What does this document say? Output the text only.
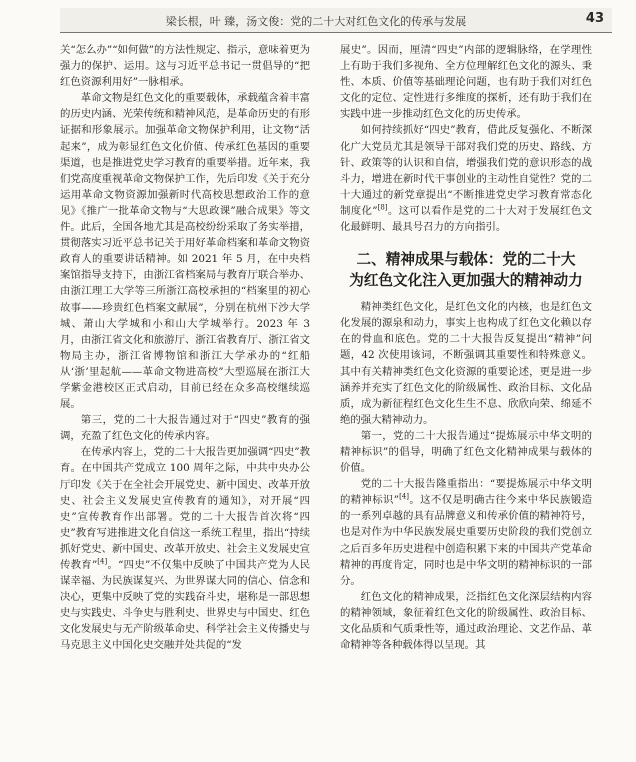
梁长根，叶 臻，汤文俊：党的二十大对红色文化的传承与发展	43

关“怎么办”“如何做”的方法性规定、指示，意味着更为强力的保护、运用。这与习近平总书记一贯倡导的“把红色资源利用好”一脉相承。

革命文物是红色文化的重要载体，承载蕴含着丰富的历史内涵、光荣传统和精神风范，是革命历史的有形证据和形象展示。加强革命文物保护利用，让文物“活起来”，成为彰显红色文化价值、传承红色基因的重要渠道，也是推进党史学习教育的重要举措。近年来，我们党高度重视革命文物保护工作，先后印发《关于充分运用革命文物资源加强新时代高校思想政治工作的意见》《推广一批革命文物与“大思政课”融合成果》等文件。此后，全国各地尤其是高校纷纷采取了务实举措，贯彻落实习近平总书记关于用好革命档案和革命文物资政育人的重要讲话精神。如 2021 年 5 月，在中央档案馆指导支持下，由浙江省档案局与教育厅联合举办、由浙江理工大学等三所浙江高校承担的“档案里的初心故事——珍贵红色档案文献展”，分别在杭州下沙大学城、萧山大学城和小和山大学城举行。2023 年 3 月，由浙江省文化和旅游厅、浙江省教育厅、浙江省文物局主办，浙江省博物馆和浙江大学承办的“红船从‘浙’里起航——革命文物进高校”大型巡展在浙江大学紫金港校区正式启动，目前已经在众多高校继续巡展。

第三，党的二十大报告通过对于“四史”教育的强调，充盈了红色文化的传承内容。

在传承内容上，党的二十大报告更加强调“四史”教育。在中国共产党成立 100 周年之际，中共中央办公厅印发《关于在全社会开展党史、新中国史、改革开放史、社会主义发展史宣传教育的通知》，对开展“四史”宣传教育作出部署。党的二十大报告首次将“四史”教育写进推进文化自信这一系统工程里，指出“持续抓好党史、新中国史、改革开放史、社会主义发展史宣传教育”[4]。“四史”不仅集中反映了中国共产党为人民谋幸福、为民族谋复兴、为世界谋大同的信心、信念和决心，更集中反映了党的实践奋斗史，堪称是一部思想史与实践史、斗争史与胜利史、世界史与中国史、红色文化发展史与无产阶级革命史、科学社会主义传播史与马克思主义中国化史交融并处共促的“发

展史”。因而，厘清“四史”内部的逻辑脉络，在学理性上有助于我们多视角、全方位理解红色文化的源头、秉性、本质、价值等基础理论问题，也有助于我们对红色文化的定位、定性进行多维度的探析，还有助于我们在实践中进一步推动红色文化的历史传承。

如何持续抓好“四史”教育，借此反复强化、不断深化广大党员尤其是领导干部对我们党的历史、路线、方针、政策等的认识和自信，增强我们党的意识形态的战斗力，增进在新时代干事创业的主动性自觉性？党的二十大通过的新党章提出“不断推进党史学习教育常态化制度化”[8]。这可以看作是党的二十大对于发展红色文化最鲜明、最具号召力的方向指引。

二、精神成果与载体：党的二十大
为红色文化注入更加强大的精神动力

精神类红色文化，是红色文化的内核，也是红色文化发展的源泉和动力，事实上也构成了红色文化赖以存在的骨血和底色。党的二十大报告反复提出“精神”问题，42 次使用该词，不断强调其重要性和特殊意义。其中有关精神类红色文化资源的重要论述，更是进一步涵养并充实了红色文化的阶级属性、政治目标、文化品质，成为新征程红色文化生生不息、欣欣向荣、绵延不绝的强大精神动力。

第一，党的二十大报告通过“提炼展示中华文明的精神标识”的倡导，明确了红色文化精神成果与载体的价值。

党的二十大报告隆重指出：“要提炼展示中华文明的精神标识”[4]。这不仅是明确古往今来中华民族锻造的一系列卓越的具有品牌意义和传承价值的精神符号，也是对作为中华民族发展史重要历史阶段的我们党创立之后百多年历史进程中创造积累下来的中国共产党革命精神的再度肯定，同时也是中华文明的精神标识的一部分。

红色文化的精神成果，泛指红色文化深层结构内容的精神领域，象征着红色文化的阶级属性、政治目标、文化品质和气质秉性等，通过政治理论、文艺作品、革命精神等各种载体得以呈现。其
